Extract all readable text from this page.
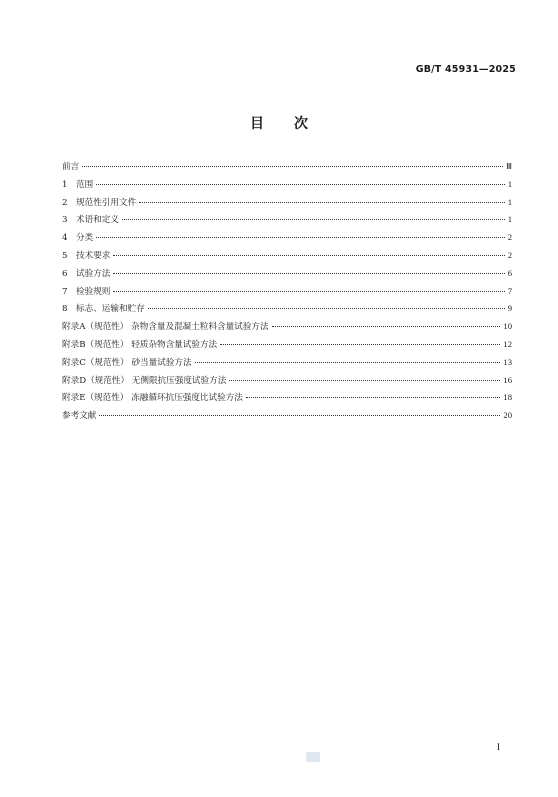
GB/T 45931—2025
目次
前言	Ⅲ
1 范围	1
2 规范性引用文件	1
3 术语和定义	1
4 分类	2
5 技术要求	2
6 试验方法	6
7 检验规则	7
8 标志、运输和贮存	9
附录A（规范性） 杂物含量及混凝土粒料含量试验方法	10
附录B（规范性） 轻质杂物含量试验方法	12
附录C（规范性） 砂当量试验方法	13
附录D（规范性） 无侧限抗压强度试验方法	16
附录E（规范性） 冻融循环抗压强度比试验方法	18
参考文献	20
I
